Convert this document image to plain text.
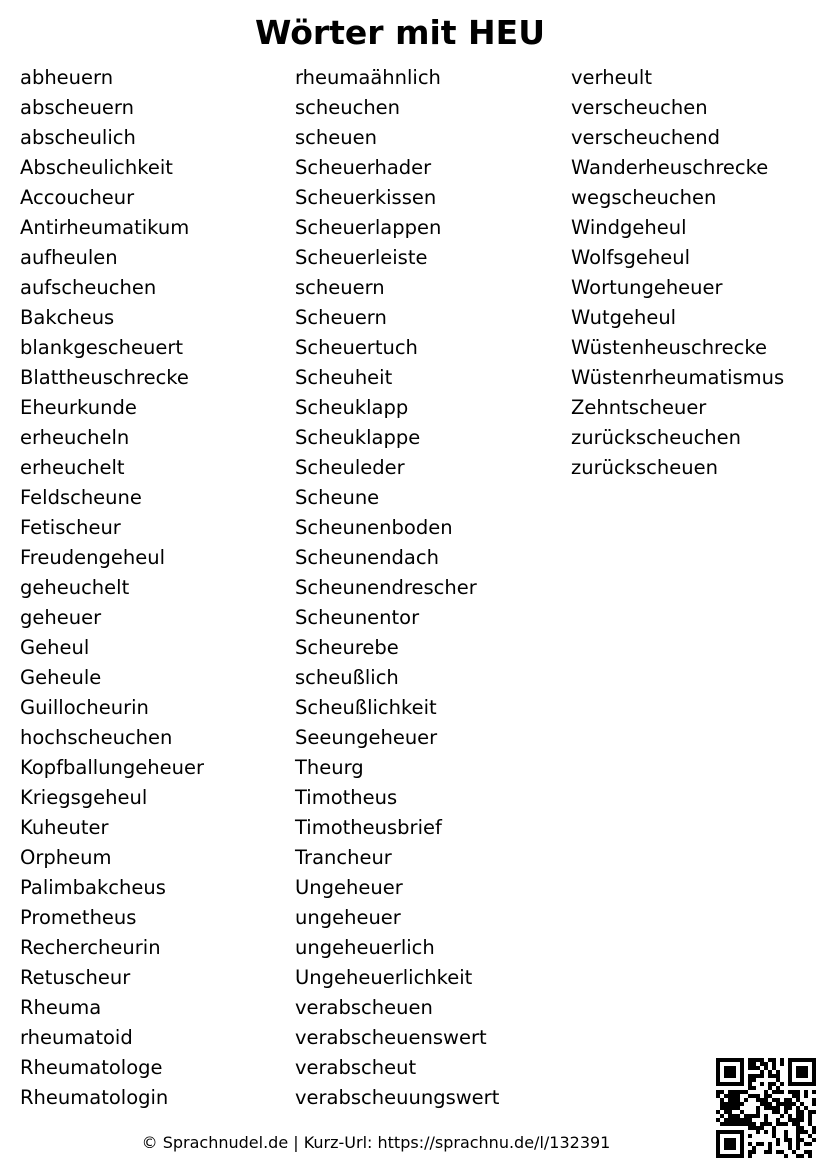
Wörter mit HEU
abheuern
abscheuern
abscheulich
Abscheulichkeit
Accoucheur
Antirheumatikum
aufheulen
aufscheuchen
Bakcheus
blankgescheuert
Blattheuschrecke
Eheurkunde
erheucheln
erheuchelt
Feldscheune
Fetischeur
Freudengeheul
geheuchelt
geheuer
Geheul
Geheule
Guillocheurin
hochscheuchen
Kopfballungeheuer
Kriegsgeheul
Kuheuter
Orpheum
Palimbakcheus
Prometheus
Rechercheurin
Retuscheur
Rheuma
rheumatoid
Rheumatologe
Rheumatologin
rheumaähnlich
scheuchen
scheuen
Scheuerhader
Scheuerkissen
Scheuerlappen
Scheuerleiste
scheuern
Scheuern
Scheuertuch
Scheuheit
Scheuklapp
Scheuklappe
Scheuleder
Scheune
Scheunenboden
Scheunendach
Scheunendrescher
Scheunentor
Scheurebe
scheußlich
Scheußlichkeit
Seeungeheuer
Theurg
Timotheus
Timotheusbrief
Trancheur
Ungeheuer
ungeheuer
ungeheuerlich
Ungeheuerlichkeit
verabscheuen
verabscheuenswert
verabscheut
verabscheuungswert
verheult
verscheuchen
verscheuchend
Wanderheuschrecke
wegscheuchen
Windgeheul
Wolfsgeheul
Wortungeheuer
Wutgeheul
Wüstenheuschrecke
Wüstenrheumatismus
Zehntscheuer
zurückscheuchen
zurückscheuen
© Sprachnudel.de | Kurz-Url: https://sprachnu.de/l/132391
